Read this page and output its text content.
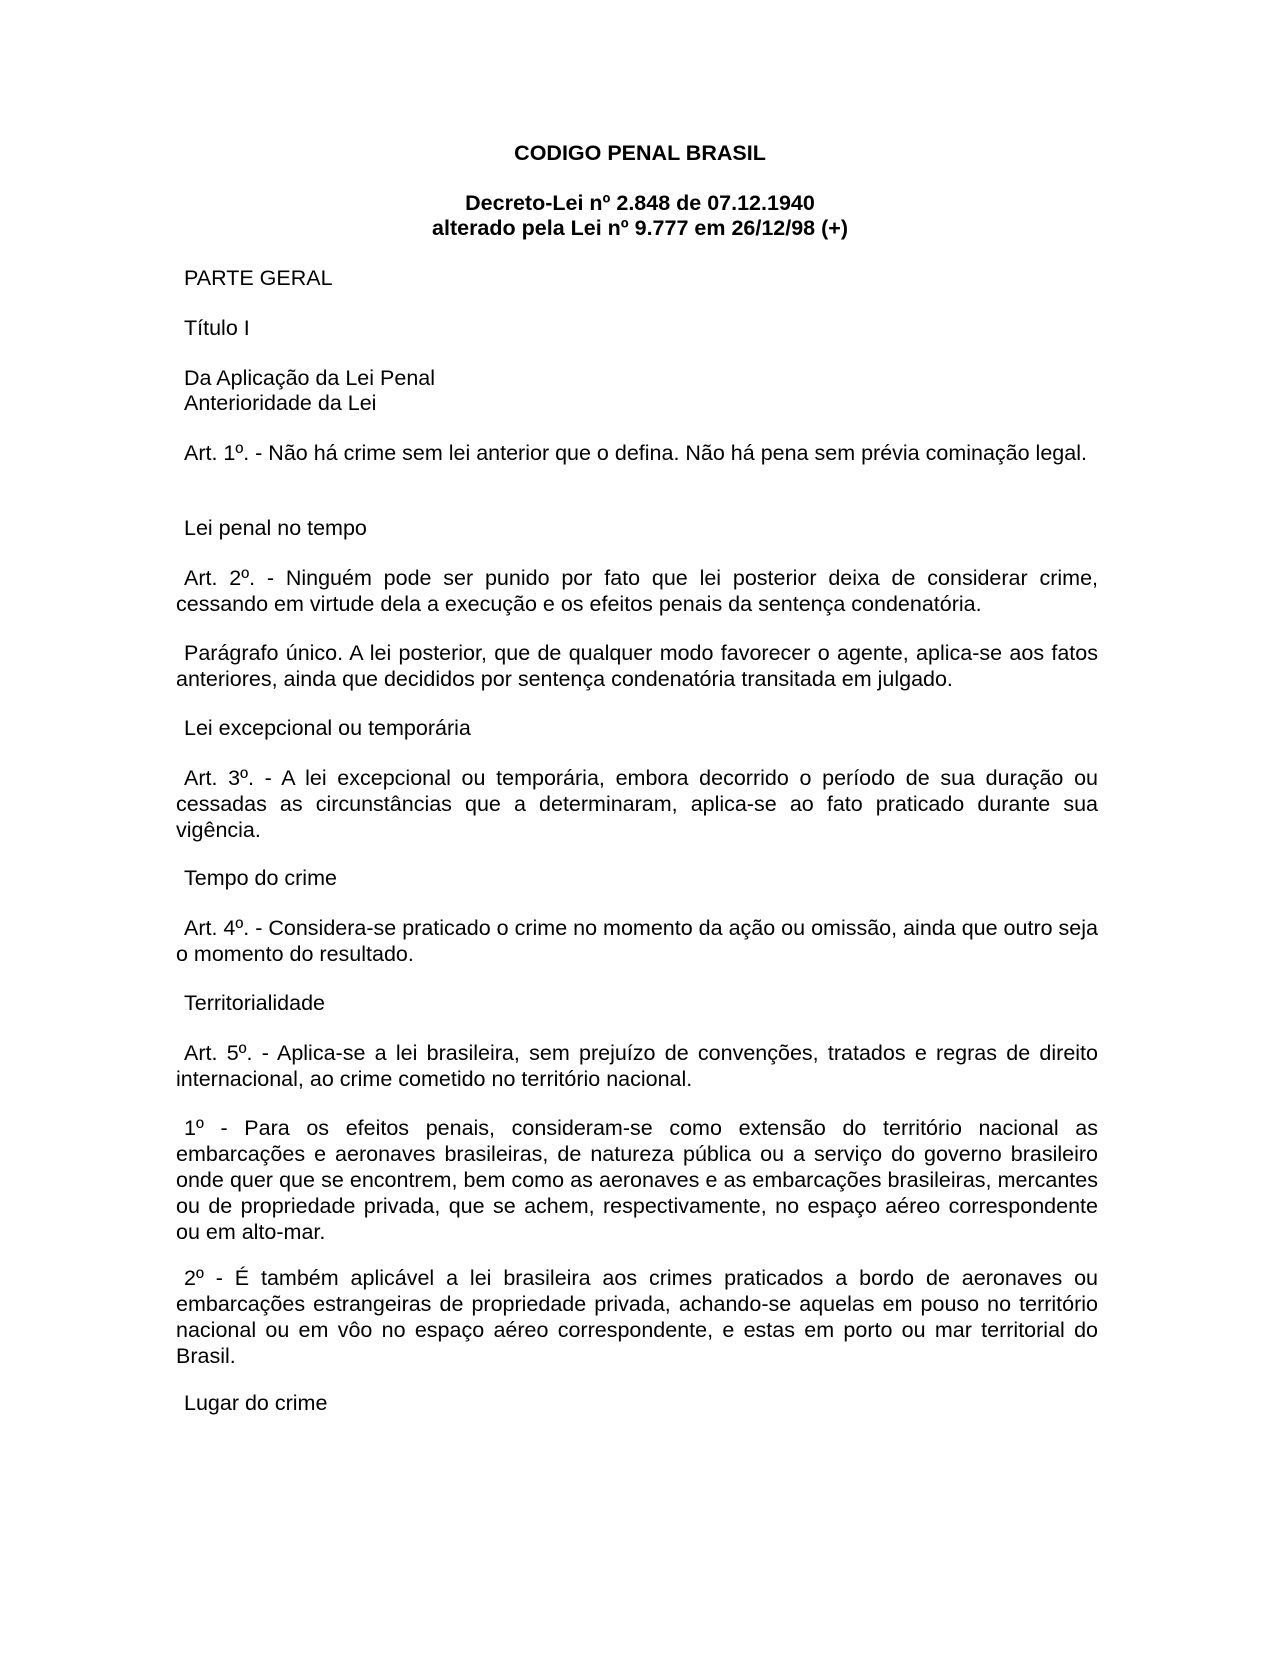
CODIGO PENAL BRASIL

Decreto-Lei nº 2.848 de 07.12.1940

alterado pela Lei nº 9.777 em 26/12/98 (+)

PARTE GERAL

Título I

Da Aplicação da Lei Penal

Anterioridade da Lei

Art. 1º. - Não há crime sem lei anterior que o defina. Não há pena sem prévia cominação legal.

Lei penal no tempo

Art. 2º. - Ninguém pode ser punido por fato que lei posterior deixa de considerar crime, cessando em virtude dela a execução e os efeitos penais da sentença condenatória.

Parágrafo único. A lei posterior, que de qualquer modo favorecer o agente, aplica-se aos fatos anteriores, ainda que decididos por sentença condenatória transitada em julgado.

Lei excepcional ou temporária

Art. 3º. - A lei excepcional ou temporária, embora decorrido o período de sua duração ou cessadas as circunstâncias que a determinaram, aplica-se ao fato praticado durante sua vigência.

Tempo do crime

Art. 4º. - Considera-se praticado o crime no momento da ação ou omissão, ainda que outro seja o momento do resultado.

Territorialidade

Art. 5º. - Aplica-se a lei brasileira, sem prejuízo de convenções, tratados e regras de direito internacional, ao crime cometido no território nacional.

1º - Para os efeitos penais, consideram-se como extensão do território nacional as embarcações e aeronaves brasileiras, de natureza pública ou a serviço do governo brasileiro onde quer que se encontrem, bem como as aeronaves e as embarcações brasileiras, mercantes ou de propriedade privada, que se achem, respectivamente, no espaço aéreo correspondente ou em alto-mar.

2º - É também aplicável a lei brasileira aos crimes praticados a bordo de aeronaves ou embarcações estrangeiras de propriedade privada, achando-se aquelas em pouso no território nacional ou em vôo no espaço aéreo correspondente, e estas em porto ou mar territorial do Brasil.

Lugar do crime
